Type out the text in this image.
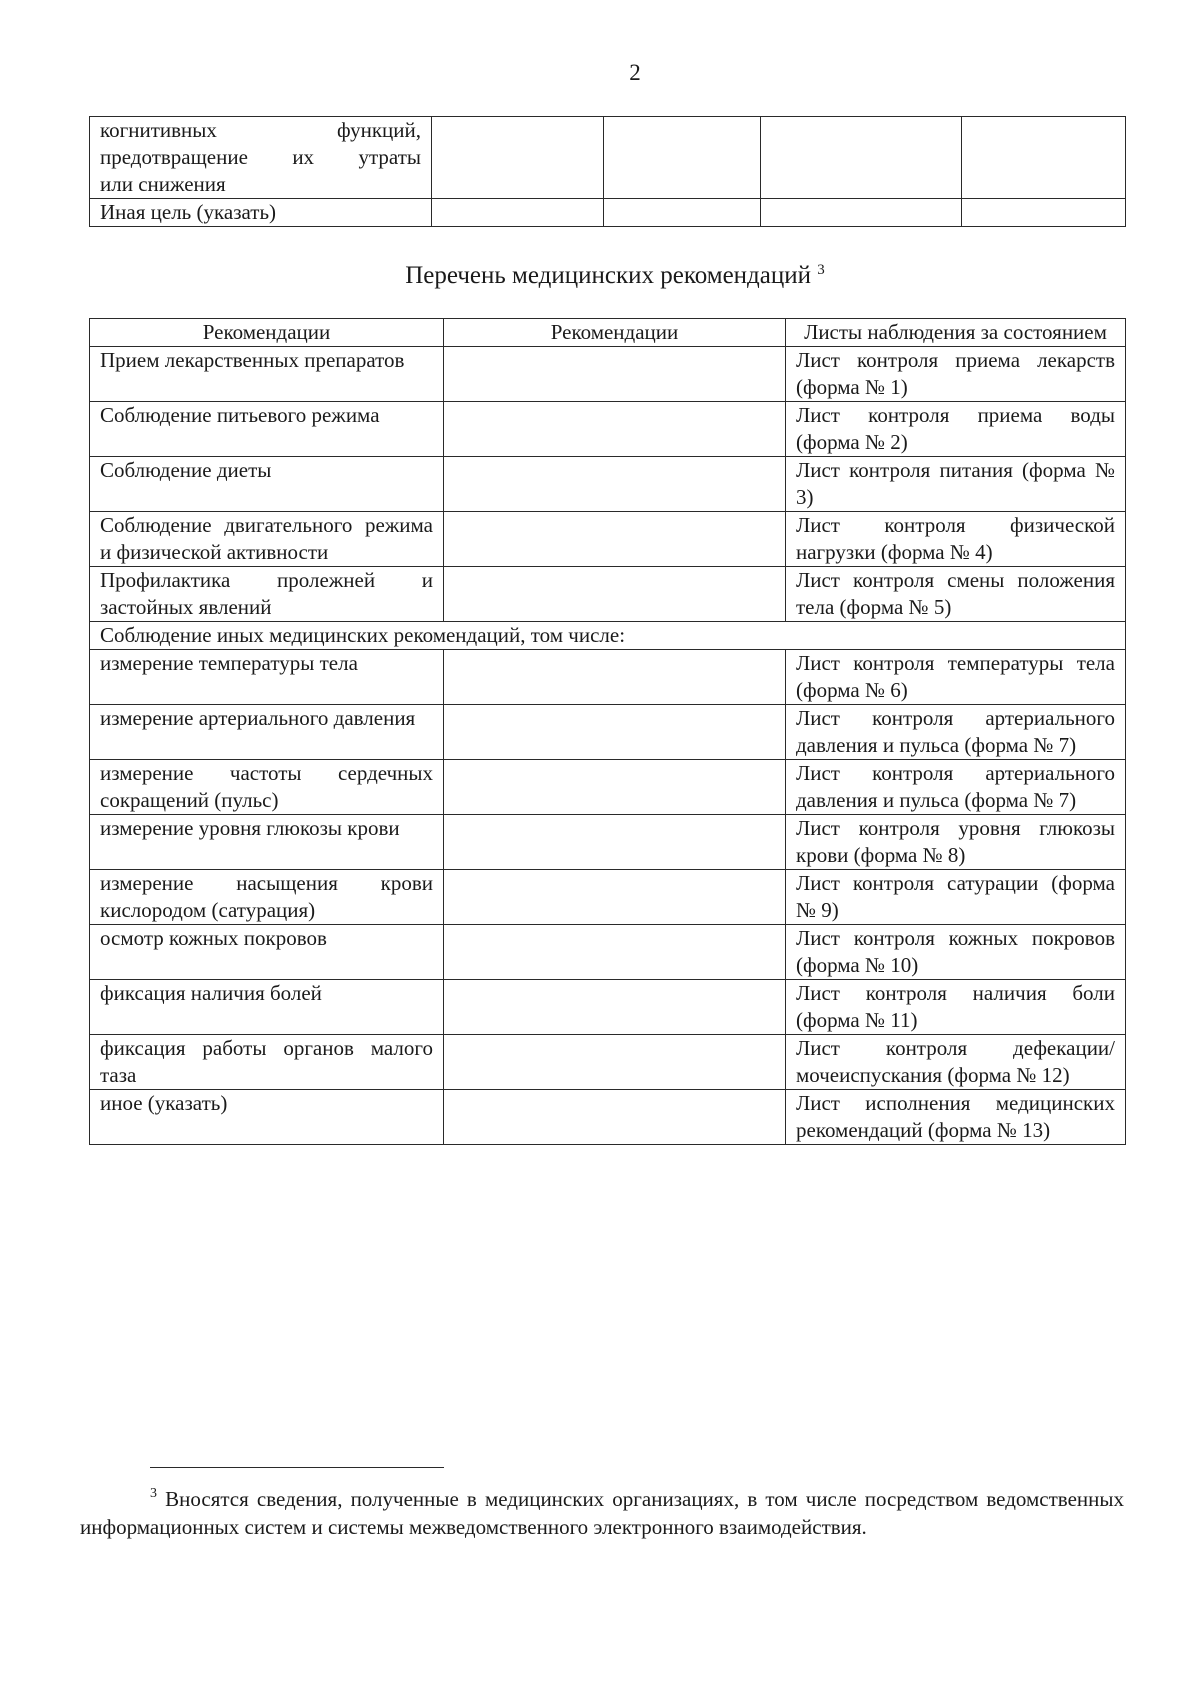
2
когнитивных функций,
предотвращение их утраты
или снижения				

Иная цель (указать)				
Перечень медицинских рекомендаций $^3$
Рекомендации	Рекомендации	Листы наблюдения за состоянием
Прием лекарственных препаратов		Лист контроля приема лекарств (форма № 1)
Соблюдение питьевого режима		Лист контроля приема воды (форма № 2)
Соблюдение диеты		Лист контроля питания (форма № 3)
Соблюдение двигательного режима и физической активности		Лист контроля физической нагрузки (форма № 4)
Профилактика пролежней и застойных явлений		Лист контроля смены положения тела (форма № 5)
Соблюдение иных медицинских рекомендаций, том числе:		
измерение температуры тела		Лист контроля температуры тела (форма № 6)
измерение артериального давления		Лист контроля артериального давления и пульса (форма № 7)
измерение частоты сердечных сокращений (пульс)		Лист контроля артериального давления и пульса (форма № 7)
измерение уровня глюкозы крови		Лист контроля уровня глюкозы крови (форма № 8)
измерение насыщения крови кислородом (сатурация)		Лист контроля сатурации (форма № 9)
осмотр кожных покровов		Лист контроля кожных покровов (форма № 10)
фиксация наличия болей		Лист контроля наличия боли (форма № 11)
фиксация работы органов малого таза		Лист контроля дефекации/мочеиспускания (форма № 12)
иное (указать)		Лист исполнения медицинских рекомендаций (форма № 13)
$^3$ Вносятся сведения, полученные в медицинских организациях, в том числе посредством ведомственных информационных систем и системы межведомственного электронного взаимодействия.
